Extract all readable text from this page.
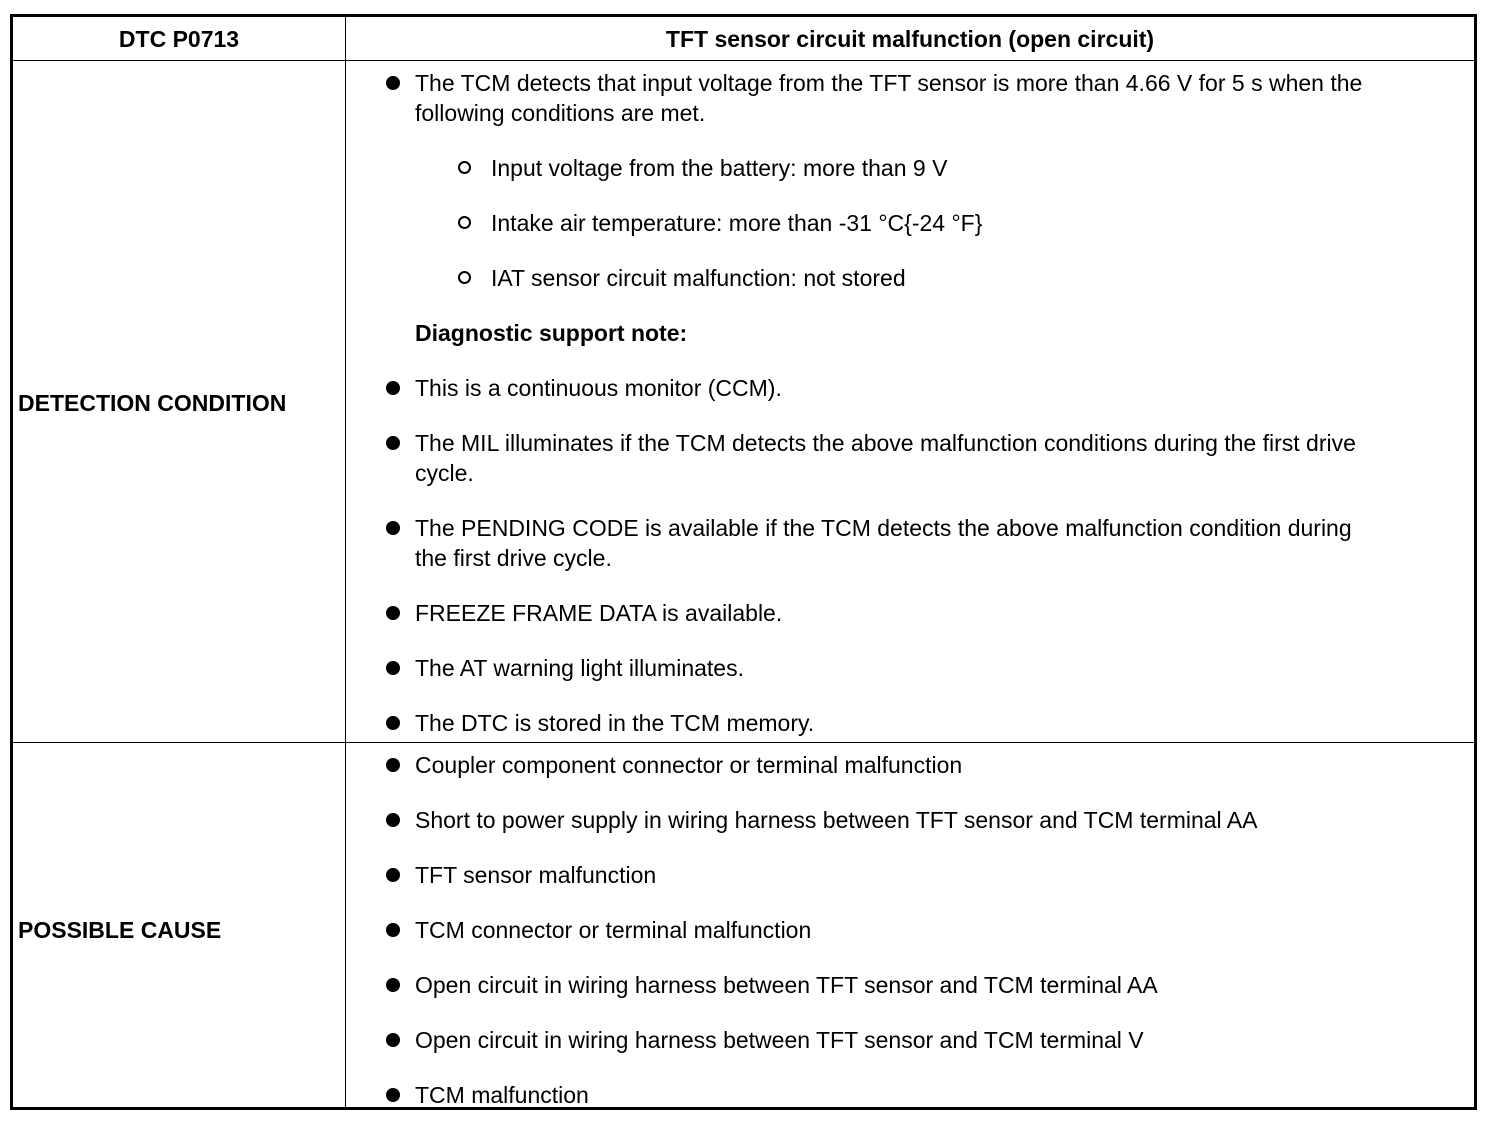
DTC P0713	TFT sensor circuit malfunction (open circuit)
DETECTION CONDITION
POSSIBLE CAUSE
The TCM detects that input voltage from the TFT sensor is more than 4.66 V for 5 s when the
following conditions are met.
Input voltage from the battery: more than 9 V
Intake air temperature: more than -31 °C{-24 °F}
IAT sensor circuit malfunction: not stored
Diagnostic support note:
This is a continuous monitor (CCM).
The MIL illuminates if the TCM detects the above malfunction conditions during the first drive
cycle.
The PENDING CODE is available if the TCM detects the above malfunction condition during
the first drive cycle.
FREEZE FRAME DATA is available.
The AT warning light illuminates.
The DTC is stored in the TCM memory.
Coupler component connector or terminal malfunction
Short to power supply in wiring harness between TFT sensor and TCM terminal AA
TFT sensor malfunction
TCM connector or terminal malfunction
Open circuit in wiring harness between TFT sensor and TCM terminal AA
Open circuit in wiring harness between TFT sensor and TCM terminal V
TCM malfunction
